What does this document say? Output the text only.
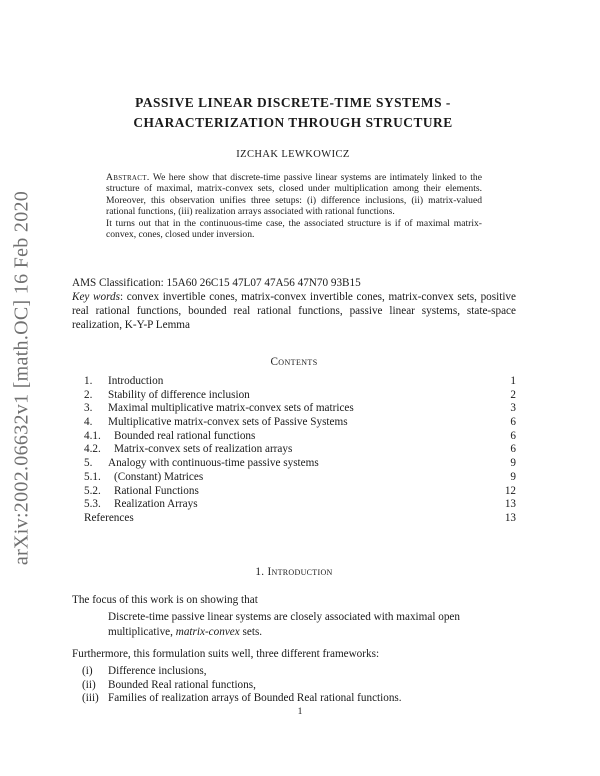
arXiv:2002.06632v1 [math.OC] 16 Feb 2020
PASSIVE LINEAR DISCRETE-TIME SYSTEMS -
CHARACTERIZATION THROUGH STRUCTURE
IZCHAK LEWKOWICZ

Abstract. We here show that discrete-time passive linear systems are intimately linked to the structure of maximal, matrix-convex sets, closed under multiplication among their elements. Moreover, this observation unifies three setups: (i) difference inclusions, (ii) matrix-valued rational functions, (iii) realization arrays associated with rational functions.

It turns out that in the continuous-time case, the associated structure is if of maximal matrix-convex, cones, closed under inversion.

AMS Classification: 15A60 26C15 47L07 47A56 47N70 93B15

Key words: convex invertible cones, matrix-convex invertible cones, matrix-convex sets, positive real rational functions, bounded real rational functions, passive linear systems, state-space realization, K-Y-P Lemma

Contents
1. Introduction	1
2. Stability of difference inclusion	2
3. Maximal multiplicative matrix-convex sets of matrices	3
4. Multiplicative matrix-convex sets of Passive Systems	6
4.1. Bounded real rational functions	6
4.2. Matrix-convex sets of realization arrays	6
5. Analogy with continuous-time passive systems	9
5.1. (Constant) Matrices	9
5.2. Rational Functions	12
5.3. Realization Arrays	13
References	13
1. Introduction
The focus of this work is on showing that
Discrete-time passive linear systems are closely associated with maximal open multiplicative, matrix-convex sets.
Furthermore, this formulation suits well, three different frameworks:
(i) Difference inclusions,
(ii) Bounded Real rational functions,
(iii) Families of realization arrays of Bounded Real rational functions.
1
